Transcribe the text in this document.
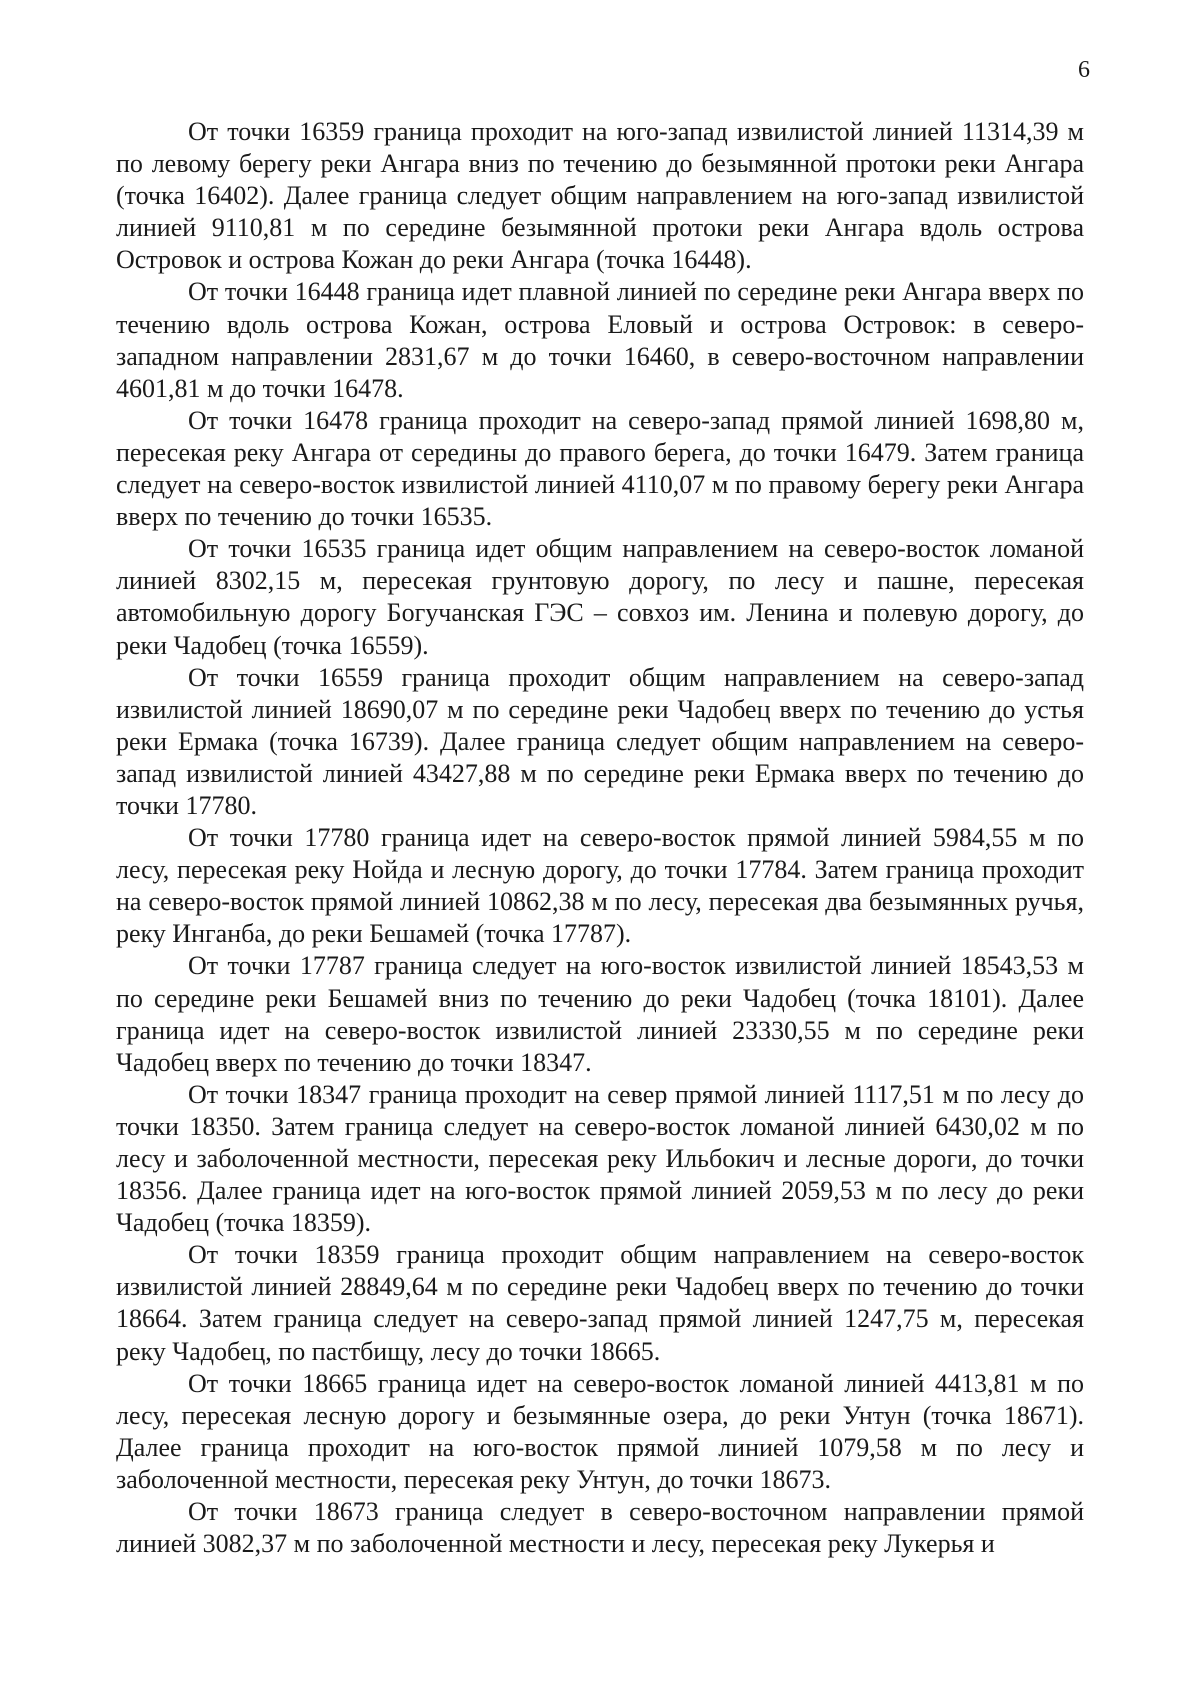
6

От точки 16359 граница проходит на юго-запад извилистой линией 11314,39 м по левому берегу реки Ангара вниз по течению до безымянной протоки реки Ангара (точка 16402). Далее граница следует общим направлением на юго-запад извилистой линией 9110,81 м по середине безымянной протоки реки Ангара вдоль острова Островок и острова Кожан до реки Ангара (точка 16448).

От точки 16448 граница идет плавной линией по середине реки Ангара вверх по течению вдоль острова Кожан, острова Еловый и острова Островок: в северо-западном направлении 2831,67 м до точки 16460, в северо-восточном направлении 4601,81 м до точки 16478.

От точки 16478 граница проходит на северо-запад прямой линией 1698,80 м, пересекая реку Ангара от середины до правого берега, до точки 16479. Затем граница следует на северо-восток извилистой линией 4110,07 м по правому берегу реки Ангара вверх по течению до точки 16535.

От точки 16535 граница идет общим направлением на северо-восток ломаной линией 8302,15 м, пересекая грунтовую дорогу, по лесу и пашне, пересекая автомобильную дорогу Богучанская ГЭС – совхоз им. Ленина и полевую дорогу, до реки Чадобец (точка 16559).

От точки 16559 граница проходит общим направлением на северо-запад извилистой линией 18690,07 м по середине реки Чадобец вверх по течению до устья реки Ермака (точка 16739). Далее граница следует общим направлением на северо-запад извилистой линией 43427,88 м по середине реки Ермака вверх по течению до точки 17780.

От точки 17780 граница идет на северо-восток прямой линией 5984,55 м по лесу, пересекая реку Нойда и лесную дорогу, до точки 17784. Затем граница проходит на северо-восток прямой линией 10862,38 м по лесу, пересекая два безымянных ручья, реку Инганба, до реки Бешамей (точка 17787).

От точки 17787 граница следует на юго-восток извилистой линией 18543,53 м по середине реки Бешамей вниз по течению до реки Чадобец (точка 18101). Далее граница идет на северо-восток извилистой линией 23330,55 м по середине реки Чадобец вверх по течению до точки 18347.

От точки 18347 граница проходит на север прямой линией 1117,51 м по лесу до точки 18350. Затем граница следует на северо-восток ломаной линией 6430,02 м по лесу и заболоченной местности, пересекая реку Ильбокич и лесные дороги, до точки 18356. Далее граница идет на юго-восток прямой линией 2059,53 м по лесу до реки Чадобец (точка 18359).

От точки 18359 граница проходит общим направлением на северо-восток извилистой линией 28849,64 м по середине реки Чадобец вверх по течению до точки 18664. Затем граница следует на северо-запад прямой линией 1247,75 м, пересекая реку Чадобец, по пастбищу, лесу до точки 18665.

От точки 18665 граница идет на северо-восток ломаной линией 4413,81 м по лесу, пересекая лесную дорогу и безымянные озера, до реки Унтун (точка 18671). Далее граница проходит на юго-восток прямой линией 1079,58 м по лесу и заболоченной местности, пересекая реку Унтун, до точки 18673.

От точки 18673 граница следует в северо-восточном направлении прямой линией 3082,37 м по заболоченной местности и лесу, пересекая реку Лукерья и
